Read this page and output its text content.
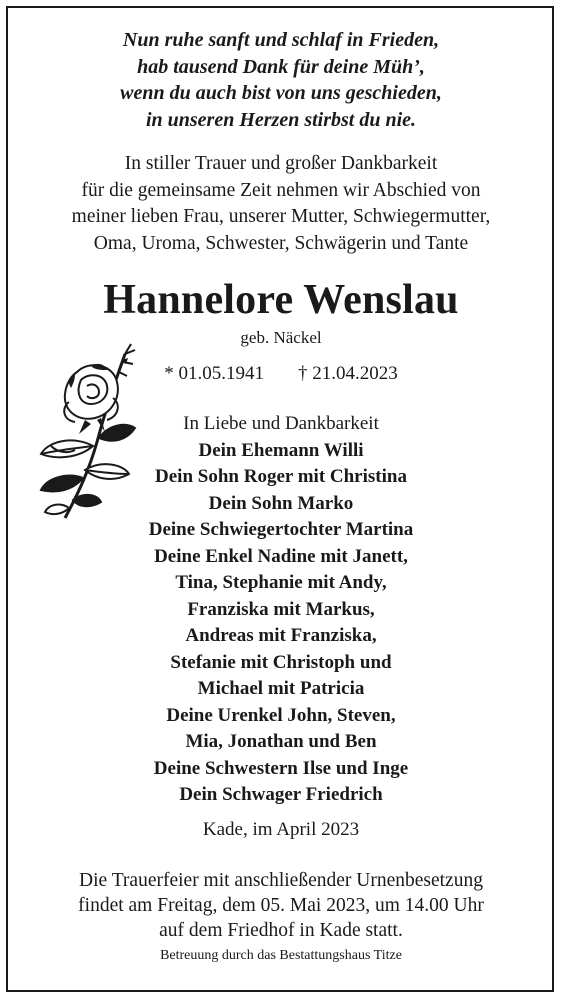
Nun ruhe sanft und schlaf in Frieden,
hab tausend Dank für deine Müh’,
wenn du auch bist von uns geschieden,
in unseren Herzen stirbst du nie.
In stiller Trauer und großer Dankbarkeit
für die gemeinsame Zeit nehmen wir Abschied von
meiner lieben Frau, unserer Mutter, Schwiegermutter,
Oma, Uroma, Schwester, Schwägerin und Tante
Hannelore Wenslau
geb. Näckel
* 01.05.1941 † 21.04.2023
In Liebe und Dankbarkeit
Dein Ehemann Willi
Dein Sohn Roger mit Christina
Dein Sohn Marko
Deine Schwiegertochter Martina
Deine Enkel Nadine mit Janett,
Tina, Stephanie mit Andy,
Franziska mit Markus,
Andreas mit Franziska,
Stefanie mit Christoph und
Michael mit Patricia
Deine Urenkel John, Steven,
Mia, Jonathan und Ben
Deine Schwestern Ilse und Inge
Dein Schwager Friedrich
Kade, im April 2023
Die Trauerfeier mit anschließender Urnenbesetzung
findet am Freitag, dem 05. Mai 2023, um 14.00 Uhr
auf dem Friedhof in Kade statt.
Betreuung durch das Bestattungshaus Titze
